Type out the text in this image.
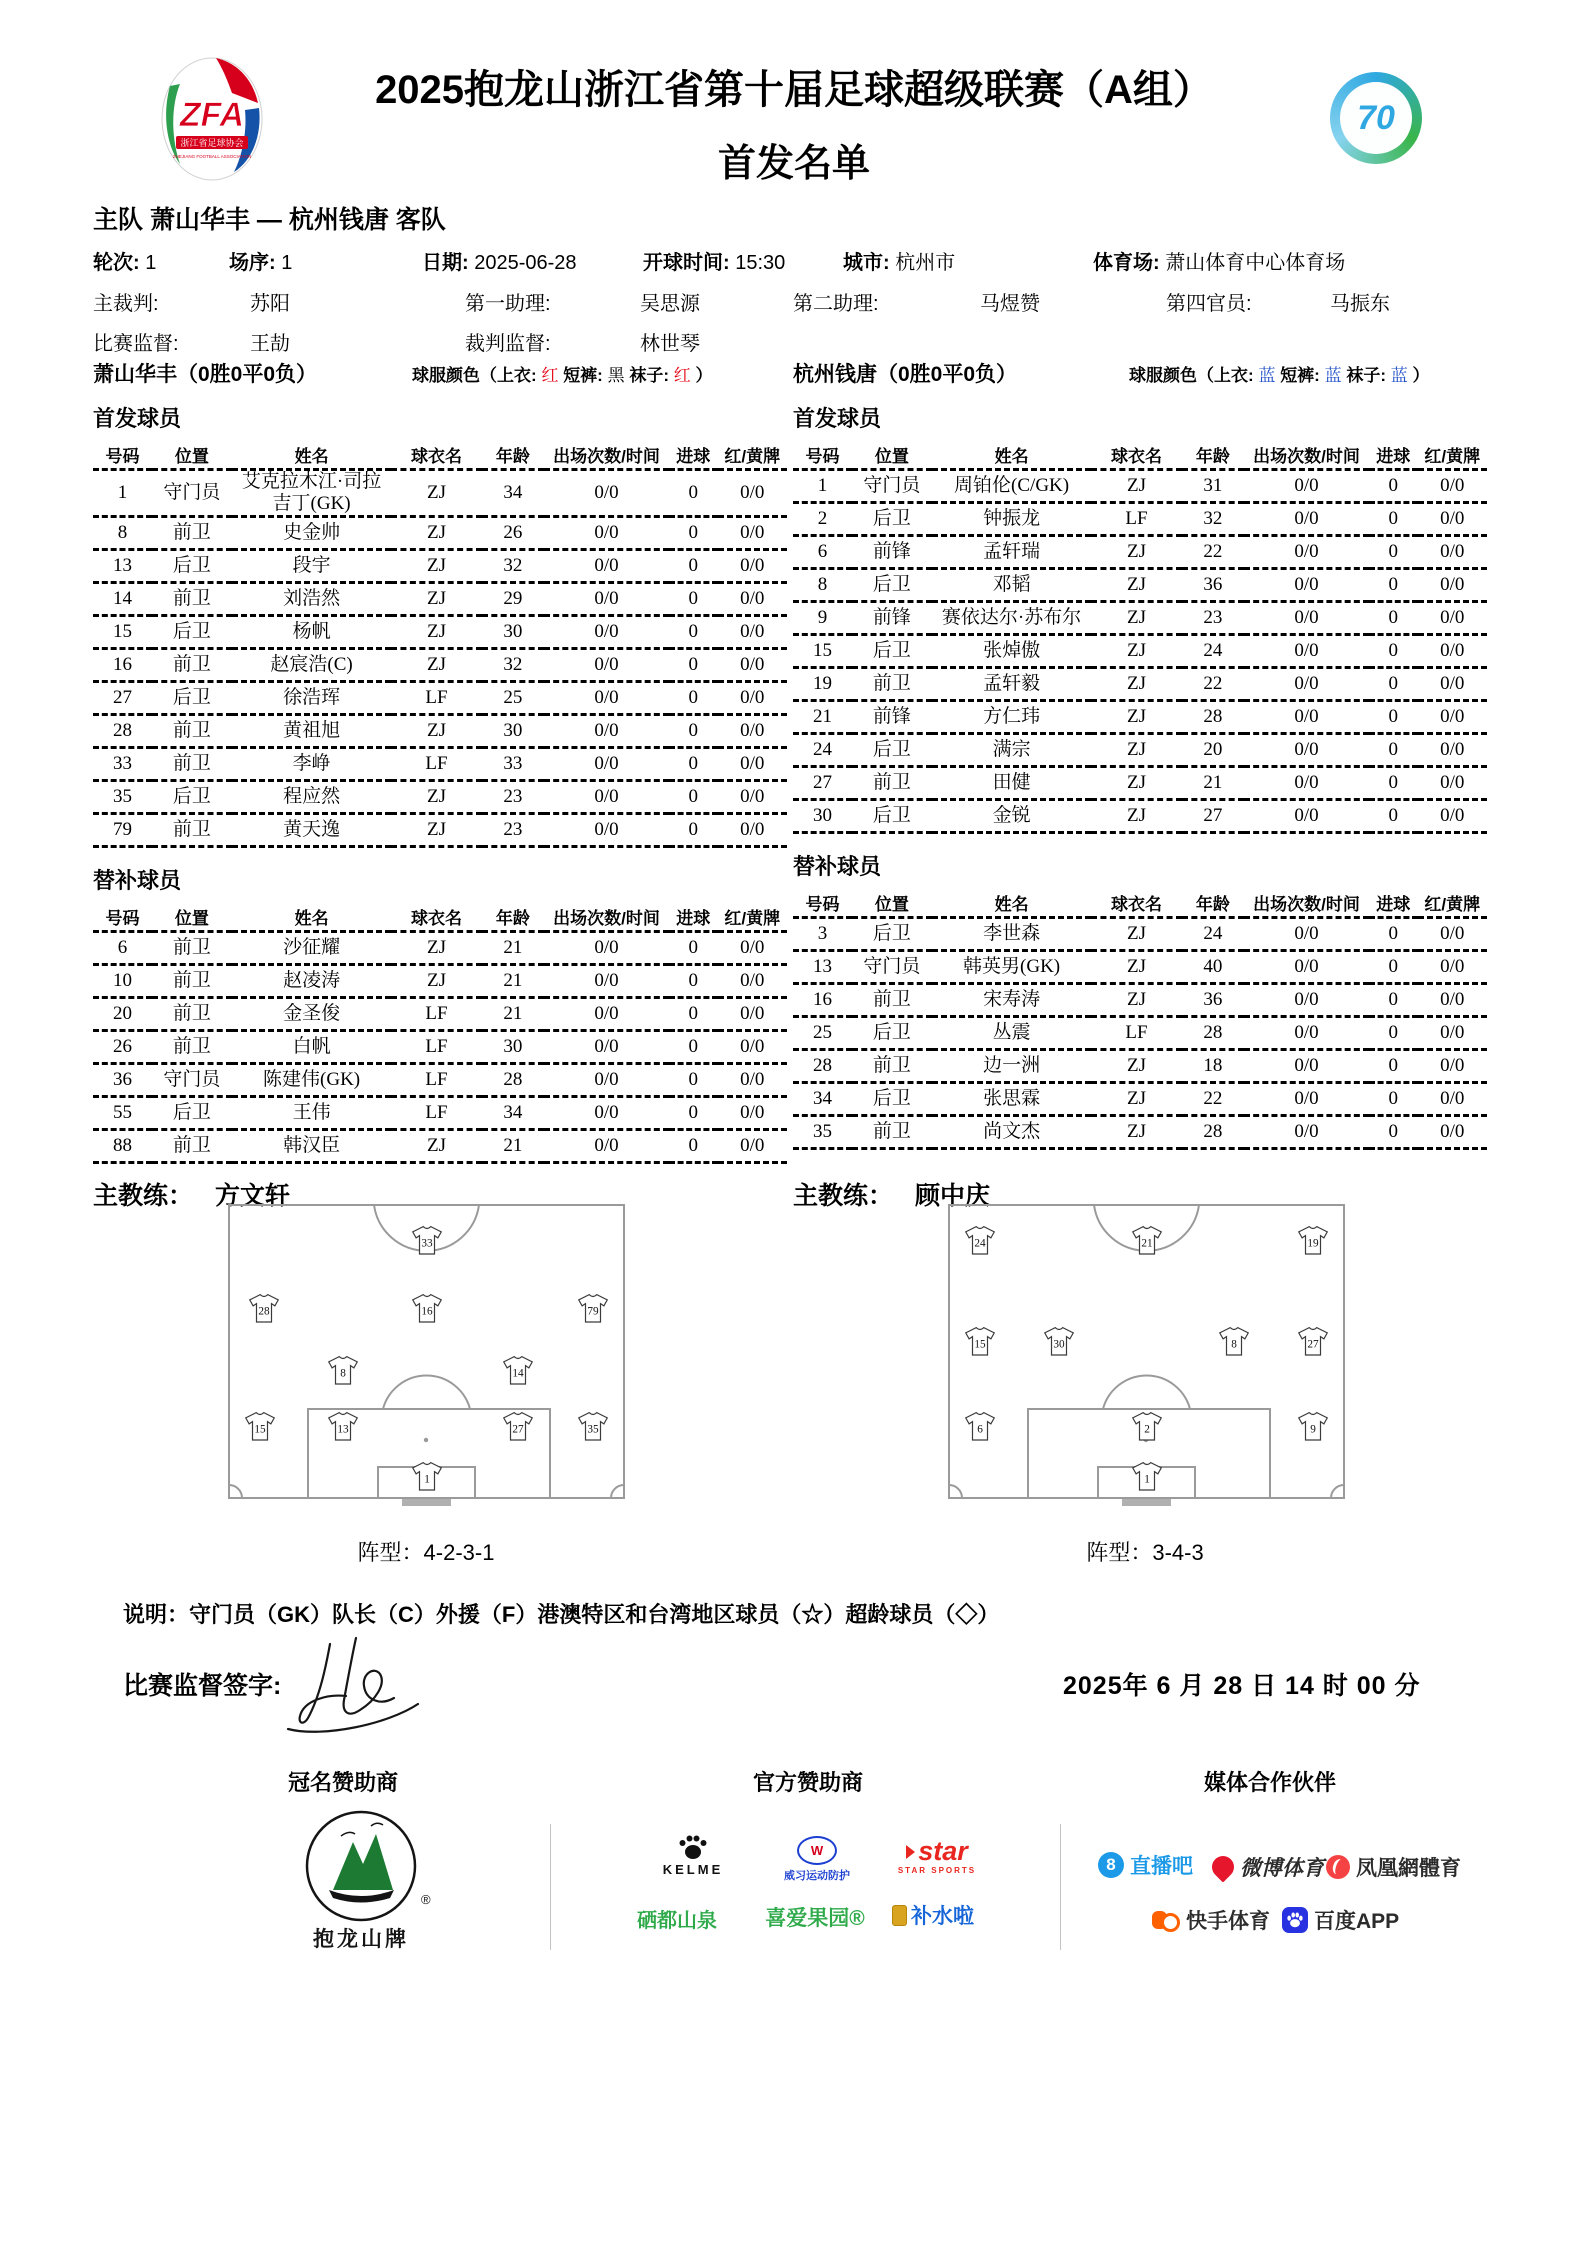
ZFA
浙江省足球协会
ZHEJIANG FOOTBALL ASSOCIATION
2025抱龙山浙江省第十届足球超级联赛（A组）
首发名单
70
主队 萧山华丰 — 杭州钱唐 客队
轮次: 1	场序: 1	日期: 2025-06-28	开球时间: 15:30	城市: 杭州市	体育场: 萧山体育中心体育场
主裁判:	苏阳	第一助理:	吴思源	第二助理:	马煜赞	第四官员:	马振东
比赛监督:	王劼	裁判监督:	林世琴
萧山华丰 （0胜0平0负）	球服颜色（上衣: 红 短裤: 黑 袜子: 红 ）
首发球员
号码	位置	姓名	球衣名	年龄	出场次数/时间	进球	红/黄牌
1	守门员	艾克拉木江·司拉吉丁(GK)	ZJ	34	0/0	0	0/0
8	前卫	史金帅	ZJ	26	0/0	0	0/0
13	后卫	段宇	ZJ	32	0/0	0	0/0
14	前卫	刘浩然	ZJ	29	0/0	0	0/0
15	后卫	杨帆	ZJ	30	0/0	0	0/0
16	前卫	赵宸浩(C)	ZJ	32	0/0	0	0/0
27	后卫	徐浩珲	LF	25	0/0	0	0/0
28	前卫	黄祖旭	ZJ	30	0/0	0	0/0
33	前卫	李峥	LF	33	0/0	0	0/0
35	后卫	程应然	ZJ	23	0/0	0	0/0
79	前卫	黄天逸	ZJ	23	0/0	0	0/0
替补球员
号码	位置	姓名	球衣名	年龄	出场次数/时间	进球	红/黄牌
6	前卫	沙征耀	ZJ	21	0/0	0	0/0
10	前卫	赵凌涛	ZJ	21	0/0	0	0/0
20	前卫	金圣俊	LF	21	0/0	0	0/0
26	前卫	白帆	LF	30	0/0	0	0/0
36	守门员	陈建伟(GK)	LF	28	0/0	0	0/0
55	后卫	王伟	LF	34	0/0	0	0/0
88	前卫	韩汉臣	ZJ	21	0/0	0	0/0
杭州钱唐 （0胜0平0负）	球服颜色（上衣: 蓝 短裤: 蓝 袜子: 蓝 ）
首发球员
号码	位置	姓名	球衣名	年龄	出场次数/时间	进球	红/黄牌
1	守门员	周铂伦(C/GK)	ZJ	31	0/0	0	0/0
2	后卫	钟振龙	LF	32	0/0	0	0/0
6	前锋	孟轩瑞	ZJ	22	0/0	0	0/0
8	后卫	邓韬	ZJ	36	0/0	0	0/0
9	前锋	赛依达尔·苏布尔	ZJ	23	0/0	0	0/0
15	后卫	张焯傲	ZJ	24	0/0	0	0/0
19	前卫	孟轩毅	ZJ	22	0/0	0	0/0
21	前锋	方仁玮	ZJ	28	0/0	0	0/0
24	后卫	满宗	ZJ	20	0/0	0	0/0
27	前卫	田健	ZJ	21	0/0	0	0/0
30	后卫	金锐	ZJ	27	0/0	0	0/0
替补球员
号码	位置	姓名	球衣名	年龄	出场次数/时间	进球	红/黄牌
3	后卫	李世森	ZJ	24	0/0	0	0/0
13	守门员	韩英男(GK)	ZJ	40	0/0	0	0/0
16	前卫	宋寿涛	ZJ	36	0/0	0	0/0
25	后卫	丛震	LF	28	0/0	0	0/0
28	前卫	边一洲	ZJ	18	0/0	0	0/0
34	后卫	张思霖	ZJ	22	0/0	0	0/0
35	前卫	尚文杰	ZJ	28	0/0	0	0/0
主教练： 方文轩	主教练： 顾中庆
33
28	16	79
8	14
15	13	27	35
1
24	21	19
15	30	8	27
6	2	9
1
阵型：4-2-3-1	阵型：3-4-3
说明：守门员（GK）队长（C）外援（F）港澳特区和台湾地区球员（☆）超龄球员（◇）
比赛监督签字:	2025年 6 月 28 日 14 时 00 分
冠名赞助商	官方赞助商	媒体合作伙伴
®
抱龙山牌
KELME
W
威习运动防护
star
STAR SPORTS
硒都山泉 喜爱果园® 补水啦
8 直播吧 微博体育 凤凰網體育
快手体育 百度APP
